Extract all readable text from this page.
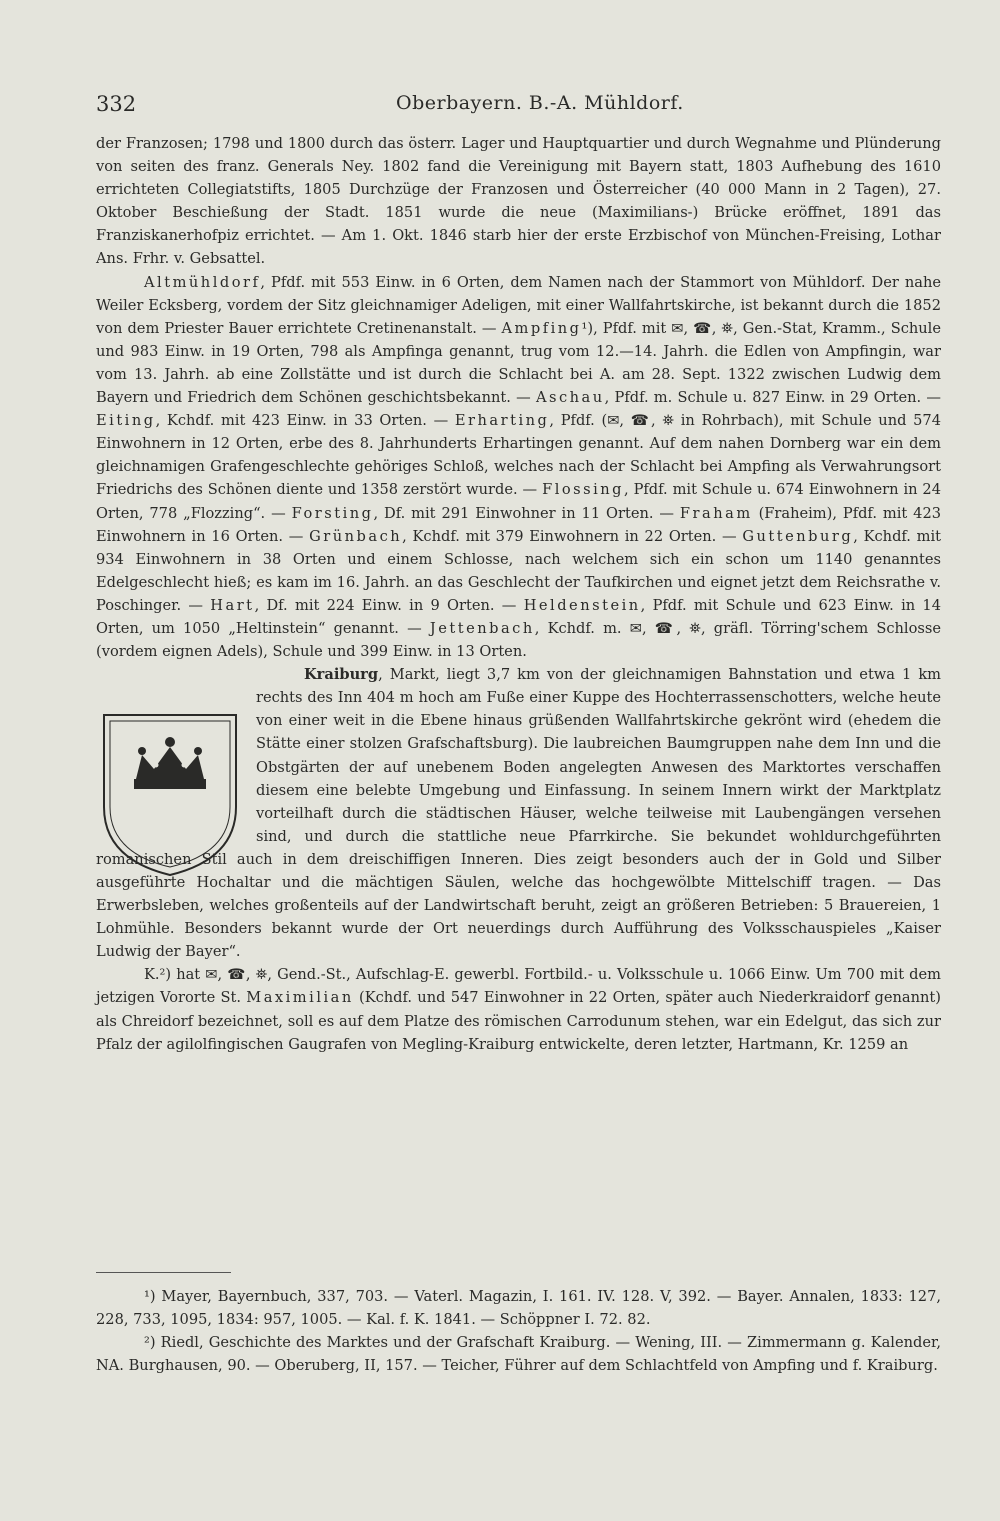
332	Oberbayern. B.-A. Mühldorf.

der Franzosen; 1798 und 1800 durch das österr. Lager und Hauptquartier und durch Wegnahme und Plünderung von seiten des franz. Generals Ney. 1802 fand die Vereinigung mit Bayern statt, 1803 Aufhebung des 1610 errichteten Collegiatstifts, 1805 Durchzüge der Franzosen und Österreicher (40 000 Mann in 2 Tagen), 27. Oktober Beschießung der Stadt. 1851 wurde die neue (Maximilians-) Brücke eröffnet, 1891 das Franziskanerhofpiz errichtet. — Am 1. Okt. 1846 starb hier der erste Erzbischof von München-Freising, Lothar Ans. Frhr. v. Gebsattel.

Altmühldorf, Pfdf. mit 553 Einw. in 6 Orten, dem Namen nach der Stammort von Mühldorf. Der nahe Weiler Ecksberg, vordem der Sitz gleichnamiger Adeligen, mit einer Wallfahrtskirche, ist bekannt durch die 1852 von dem Priester Bauer errichtete Cretinenanstalt. — Ampfing¹), Pfdf. mit ✉, ☎, ⛯, Gen.-Stat, Kramm., Schule und 983 Einw. in 19 Orten, 798 als Ampfinga genannt, trug vom 12.—14. Jahrh. die Edlen von Ampfingin, war vom 13. Jahrh. ab eine Zollstätte und ist durch die Schlacht bei A. am 28. Sept. 1322 zwischen Ludwig dem Bayern und Friedrich dem Schönen geschichtsbekannt. — Aschau, Pfdf. m. Schule u. 827 Einw. in 29 Orten. — Eiting, Kchdf. mit 423 Einw. in 33 Orten. — Erharting, Pfdf. (✉, ☎, ⛯ in Rohrbach), mit Schule und 574 Einwohnern in 12 Orten, erbe des 8. Jahrhunderts Erhartingen genannt. Auf dem nahen Dornberg war ein dem gleichnamigen Grafengeschlechte gehöriges Schloß, welches nach der Schlacht bei Ampfing als Verwahrungsort Friedrichs des Schönen diente und 1358 zerstört wurde. — Flossing, Pfdf. mit Schule u. 674 Einwohnern in 24 Orten, 778 „Flozzing“. — Forsting, Df. mit 291 Einwohner in 11 Orten. — Fraham (Fraheim), Pfdf. mit 423 Einwohnern in 16 Orten. — Grünbach, Kchdf. mit 379 Einwohnern in 22 Orten. — Guttenburg, Kchdf. mit 934 Einwohnern in 38 Orten und einem Schlosse, nach welchem sich ein schon um 1140 genanntes Edelgeschlecht hieß; es kam im 16. Jahrh. an das Geschlecht der Taufkirchen und eignet jetzt dem Reichsrathe v. Poschinger. — Hart, Df. mit 224 Einw. in 9 Orten. — Heldenstein, Pfdf. mit Schule und 623 Einw. in 14 Orten, um 1050 „Heltinstein“ genannt. — Jettenbach, Kchdf. m. ✉, ☎, ⛯, gräfl. Törring'schem Schlosse (vordem eignen Adels), Schule und 399 Einw. in 13 Orten.

Kraiburg, Markt, liegt 3,7 km von der gleichnamigen Bahnstation und etwa 1 km rechts des Inn 404 m hoch am Fuße einer Kuppe des Hochterrassenschotters, welche heute von einer weit in die Ebene hinaus grüßenden Wallfahrtskirche gekrönt wird (ehedem die Stätte einer stolzen Grafschaftsburg). Die laubreichen Baumgruppen nahe dem Inn und die Obstgärten der auf unebenem Boden angelegten Anwesen des Marktortes verschaffen diesem eine belebte Umgebung und Einfassung. In seinem Innern wirkt der Marktplatz vorteilhaft durch die städtischen Häuser, welche teilweise mit Laubengängen versehen sind, und durch die stattliche neue Pfarrkirche. Sie bekundet wohldurchgeführten romanischen Stil auch in dem dreischiffigen Inneren. Dies zeigt besonders auch der in Gold und Silber ausgeführte Hochaltar und die mächtigen Säulen, welche das hochgewölbte Mittelschiff tragen. — Das Erwerbsleben, welches großenteils auf der Landwirtschaft beruht, zeigt an größeren Betrieben: 5 Brauereien, 1 Lohmühle. Besonders bekannt wurde der Ort neuerdings durch Aufführung des Volksschauspieles „Kaiser Ludwig der Bayer“.

K.²) hat ✉, ☎, ⛯, Gend.-St., Aufschlag-E. gewerbl. Fortbild.- u. Volksschule u. 1066 Einw. Um 700 mit dem jetzigen Vororte St. Maximilian (Kchdf. und 547 Einwohner in 22 Orten, später auch Niederkraidorf genannt) als Chreidorf bezeichnet, soll es auf dem Platze des römischen Carrodunum stehen, war ein Edelgut, das sich zur Pfalz der agilolfingischen Gaugrafen von Megling-Kraiburg entwickelte, deren letzter, Hartmann, Kr. 1259 an

¹) Mayer, Bayernbuch, 337, 703. — Vaterl. Magazin, I. 161. IV. 128. V, 392. — Bayer. Annalen, 1833: 127, 228, 733, 1095, 1834: 957, 1005. — Kal. f. K. 1841. — Schöppner I. 72. 82.

²) Riedl, Geschichte des Marktes und der Grafschaft Kraiburg. — Wening, III. — Zimmermann g. Kalender, NA. Burghausen, 90. — Oberuberg, II, 157. — Teicher, Führer auf dem Schlachtfeld von Ampfing und f. Kraiburg.
